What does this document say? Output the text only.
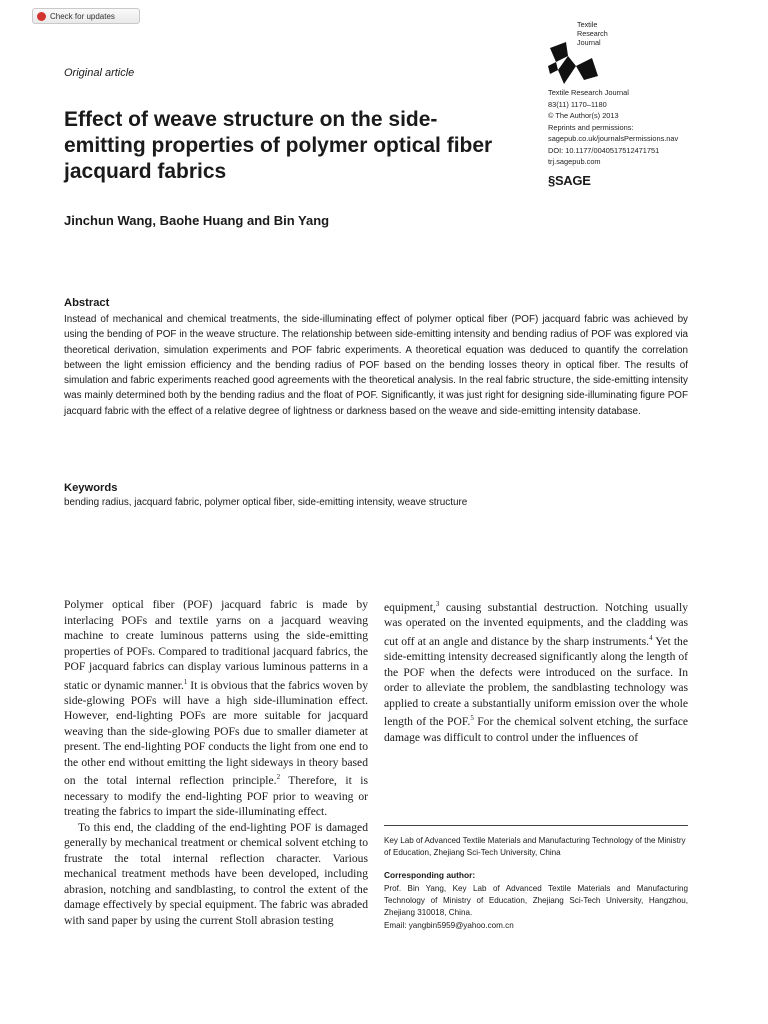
Check for updates
Textile
Research
Journal
Textile Research Journal
83(11) 1170–1180
© The Author(s) 2013
Reprints and permissions:
sagepub.co.uk/journalsPermissions.nav
DOI: 10.1177/0040517512471751
trj.sagepub.com
§SAGE
Original article
Effect of weave structure on the side-emitting properties of polymer optical fiber jacquard fabrics
Jinchun Wang, Baohe Huang and Bin Yang
Abstract
Instead of mechanical and chemical treatments, the side-illuminating effect of polymer optical fiber (POF) jacquard fabric was achieved by using the bending of POF in the weave structure. The relationship between side-emitting intensity and bending radius of POF was explored via theoretical derivation, simulation experiments and POF fabric experiments. A theoretical equation was deduced to quantify the correlation between the light emission efficiency and the bending radius of POF based on the bending losses theory in optical fiber. The results of simulation and fabric experiments reached good agreements with the theoretical analysis. In the real fabric structure, the side-emitting intensity was mainly determined both by the bending radius and the float of POF. Significantly, it was just right for designing side-illuminating figure POF jacquard fabric with the effect of a relative degree of lightness or darkness based on the weave and side-emitting intensity database.
Keywords
bending radius, jacquard fabric, polymer optical fiber, side-emitting intensity, weave structure

Polymer optical fiber (POF) jacquard fabric is made by interlacing POFs and textile yarns on a jacquard weaving machine to create luminous patterns using the side-emitting properties of POFs. Compared to traditional jacquard fabrics, the POF jacquard fabrics can display various luminous patterns in a static or dynamic manner.$^1$ It is obvious that the fabrics woven by side-glowing POFs will have a high side-illumination effect. However, end-lighting POFs are more suitable for jacquard weaving than the side-glowing POFs due to smaller diameter at present. The end-lighting POF conducts the light from one end to the other end without emitting the light sideways in theory based on the total internal reflection principle.$^2$ Therefore, it is necessary to modify the end-lighting POF prior to weaving or treating the fabrics to impart the side-illuminating effect.

To this end, the cladding of the end-lighting POF is damaged generally by mechanical treatment or chemical solvent etching to frustrate the total internal reflection character. Various mechanical treatment methods have been developed, including abrasion, notching and sandblasting, to control the extent of the damage effectively by special equipment. The fabric was abraded with sand paper by using the current Stoll abrasion testing

equipment,$^3$ causing substantial destruction. Notching usually was operated on the invented equipments, and the cladding was cut off at an angle and distance by the sharp instruments.$^4$ Yet the side-emitting intensity decreased significantly along the length of the POF when the defects were introduced on the surface. In order to alleviate the problem, the sandblasting technology was applied to create a substantially uniform emission over the whole length of the POF.$^5$ For the chemical solvent etching, the surface damage was difficult to control under the influences of

Key Lab of Advanced Textile Materials and Manufacturing Technology of the Ministry of Education, Zhejiang Sci-Tech University, China
Corresponding author:
Prof. Bin Yang, Key Lab of Advanced Textile Materials and Manufacturing Technology of Ministry of Education, Zhejiang Sci-Tech University, Hangzhou, Zhejiang 310018, China.
Email: yangbin5959@yahoo.com.cn
